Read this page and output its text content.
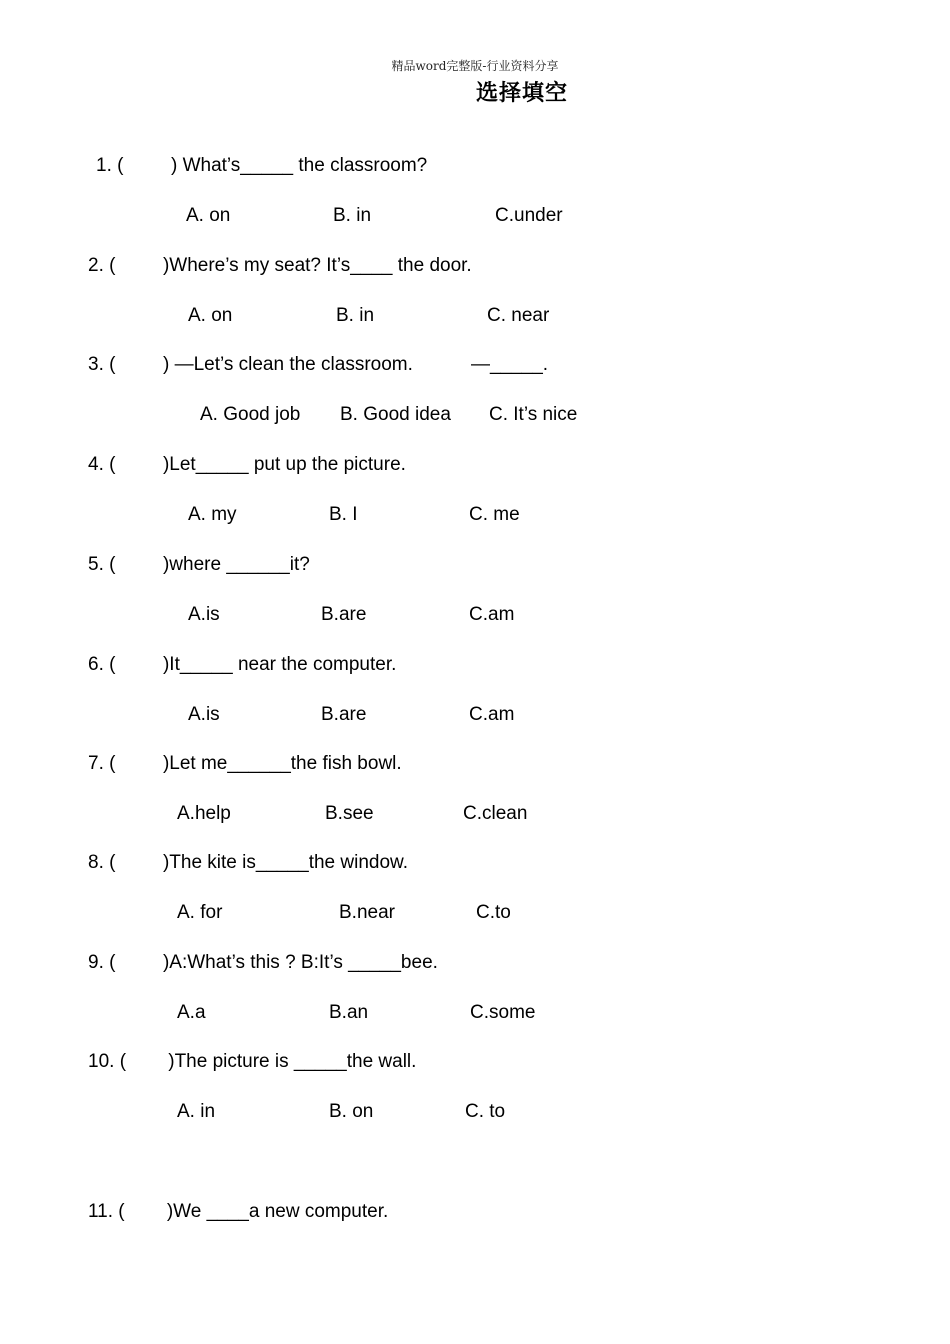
精品word完整版-行业资料分享
选择填空
1. (         ) What’s_____ the classroom?
A. on	B. in	C.under
2. (         )Where’s my seat? It’s____ the door.
A. on	B. in	C. near
3. (         ) —Let’s clean the classroom.           —_____.
A. Good job B. Good idea C. It’s nice
4. (         )Let_____ put up the picture.
A. my	B. I	C. me
5. (         )where ______it?
A.is	B.are	C.am
6. (         )It_____ near the computer.
A.is	B.are	C.am
7. (         )Let me______the fish bowl.
A.help	B.see	C.clean
8. (         )The kite is_____the window.
A. for	B.near	C.to
9. (         )A:What’s this ? B:It’s _____bee.
A.a	B.an	C.some
10. (        )The picture is _____the wall.
A. in	B. on	C. to
11. (        )We ____a new computer.
